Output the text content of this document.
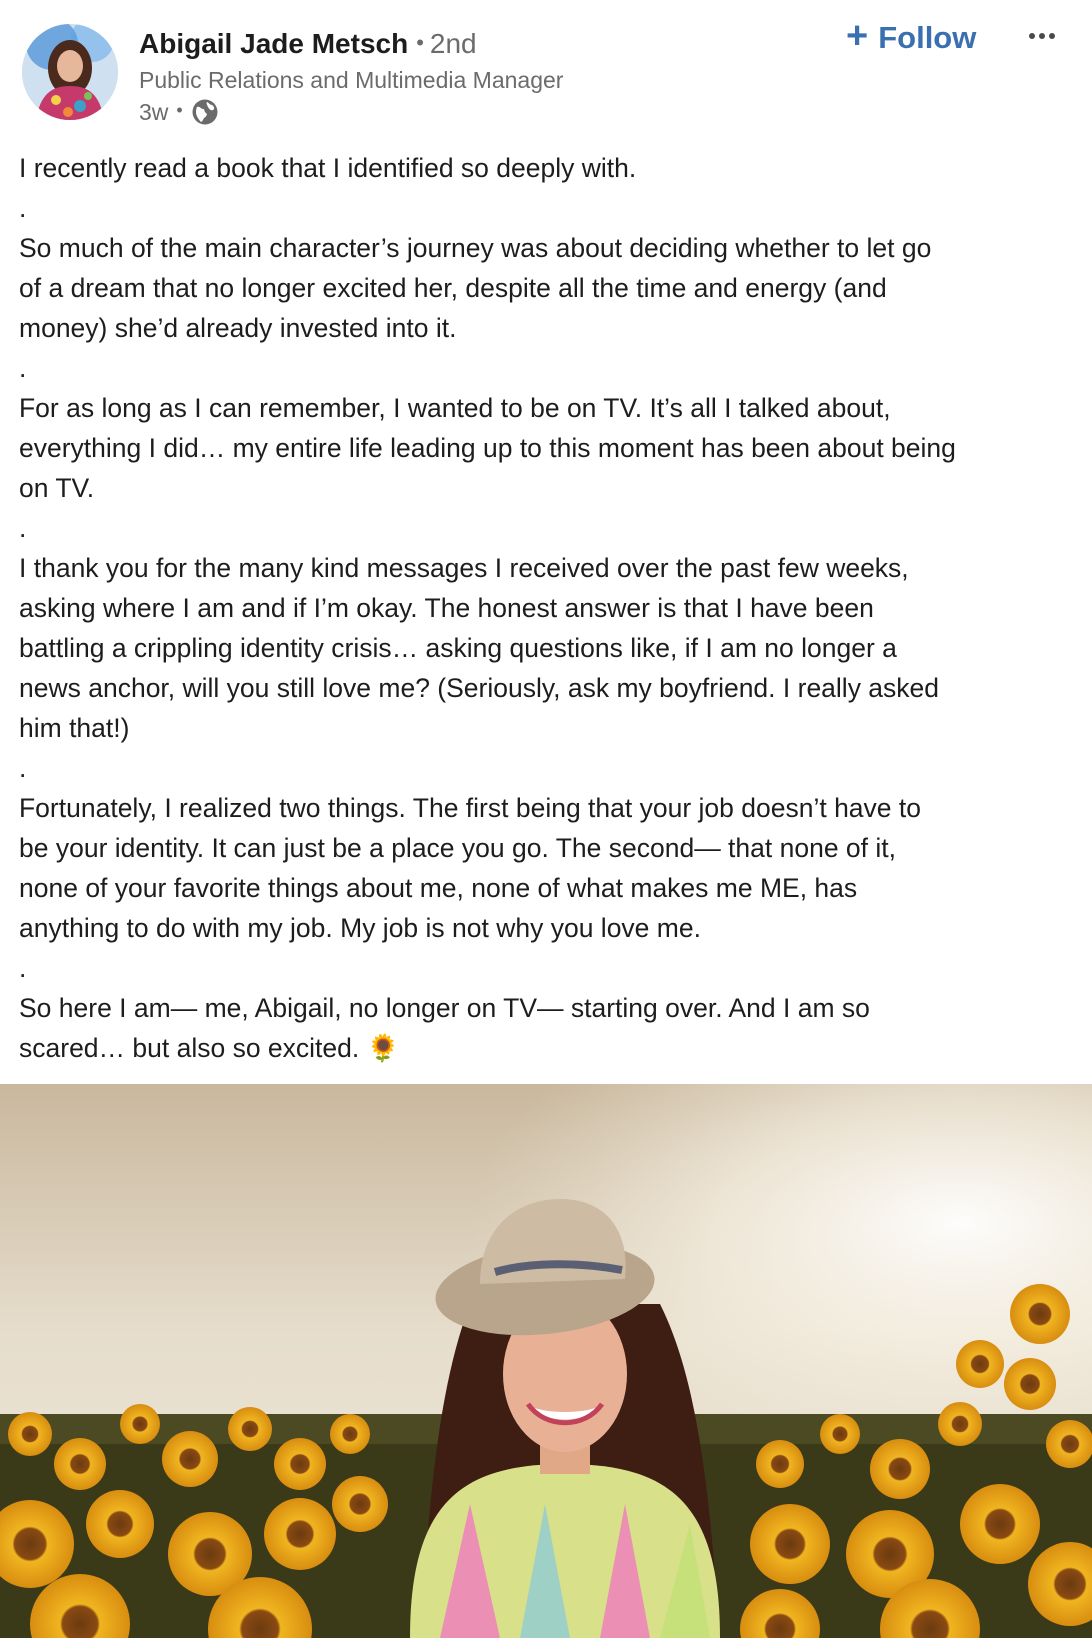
Abigail Jade Metsch • 2nd
Public Relations and Multimedia Manager
3w •
+ Follow

I recently read a book that I identified so deeply with.

.

So much of the main character’s journey was about deciding whether to let go

of a dream that no longer excited her, despite all the time and energy (and

money) she’d already invested into it.

.

For as long as I can remember, I wanted to be on TV. It’s all I talked about,

everything I did… my entire life leading up to this moment has been about being

on TV.

.

I thank you for the many kind messages I received over the past few weeks,

asking where I am and if I’m okay. The honest answer is that I have been

battling a crippling identity crisis… asking questions like, if I am no longer a

news anchor, will you still love me? (Seriously, ask my boyfriend. I really asked

him that!)

.

Fortunately, I realized two things. The first being that your job doesn’t have to

be your identity. It can just be a place you go. The second— that none of it,

none of your favorite things about me, none of what makes me ME, has

anything to do with my job. My job is not why you love me.

.

So here I am— me, Abigail, no longer on TV— starting over. And I am so

scared… but also so excited. 🌻
